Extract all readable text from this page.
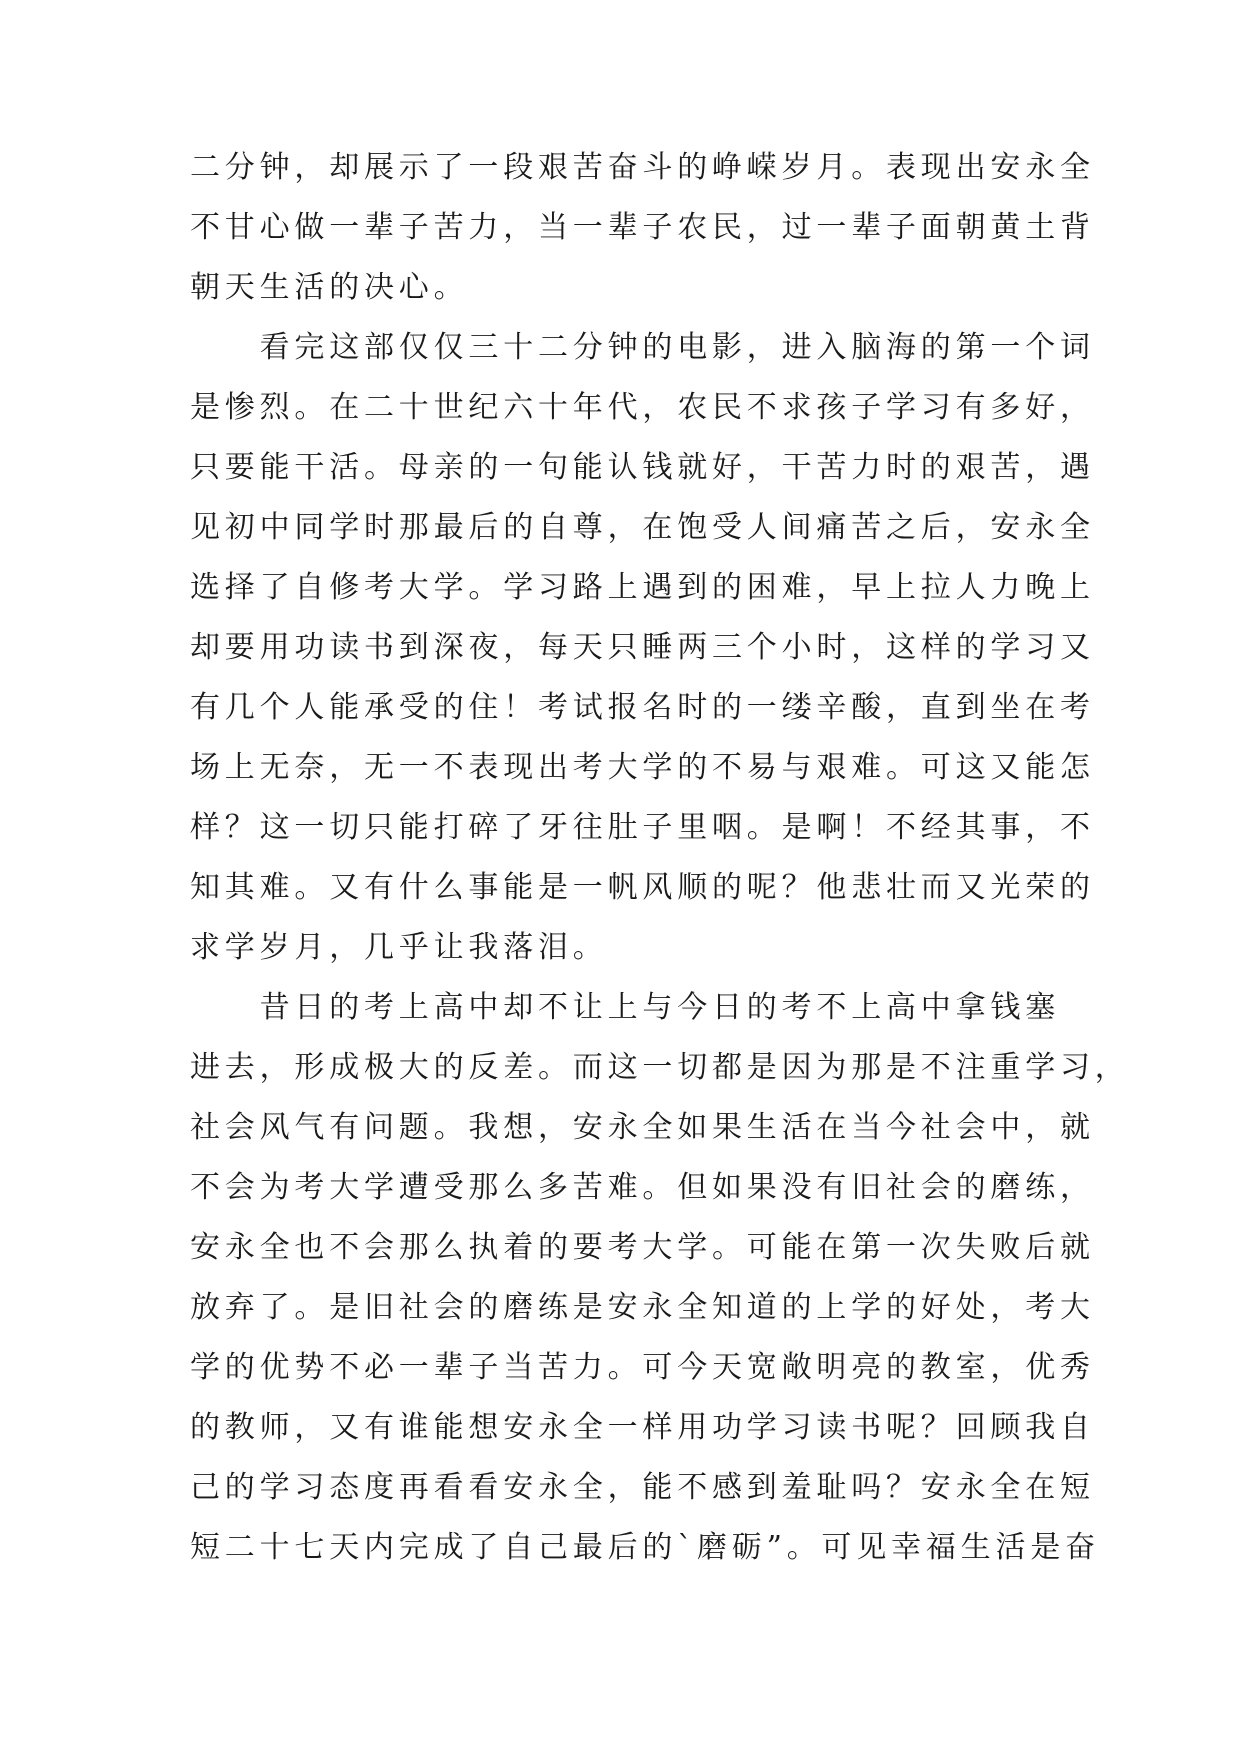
二分钟，却展示了一段艰苦奋斗的峥嵘岁月。表现出安永全
不甘心做一辈子苦力，当一辈子农民，过一辈子面朝黄土背
朝天生活的决心。
　　看完这部仅仅三十二分钟的电影，进入脑海的第一个词
是惨烈。在二十世纪六十年代，农民不求孩子学习有多好，
只要能干活。母亲的一句能认钱就好，干苦力时的艰苦，遇
见初中同学时那最后的自尊，在饱受人间痛苦之后，安永全
选择了自修考大学。学习路上遇到的困难，早上拉人力晚上
却要用功读书到深夜，每天只睡两三个小时，这样的学习又
有几个人能承受的住！考试报名时的一缕辛酸，直到坐在考
场上无奈，无一不表现出考大学的不易与艰难。可这又能怎
样？这一切只能打碎了牙往肚子里咽。是啊！不经其事，不
知其难。又有什么事能是一帆风顺的呢？他悲壮而又光荣的
求学岁月，几乎让我落泪。
　　昔日的考上高中却不让上与今日的考不上高中拿钱塞
进去，形成极大的反差。而这一切都是因为那是不注重学习，
社会风气有问题。我想，安永全如果生活在当今社会中，就
不会为考大学遭受那么多苦难。但如果没有旧社会的磨练，
安永全也不会那么执着的要考大学。可能在第一次失败后就
放弃了。是旧社会的磨练是安永全知道的上学的好处，考大
学的优势不必一辈子当苦力。可今天宽敞明亮的教室，优秀
的教师，又有谁能想安永全一样用功学习读书呢？回顾我自
己的学习态度再看看安永全，能不感到羞耻吗？安永全在短
短二十七天内完成了自己最后的`磨砺”。可见幸福生活是奋
